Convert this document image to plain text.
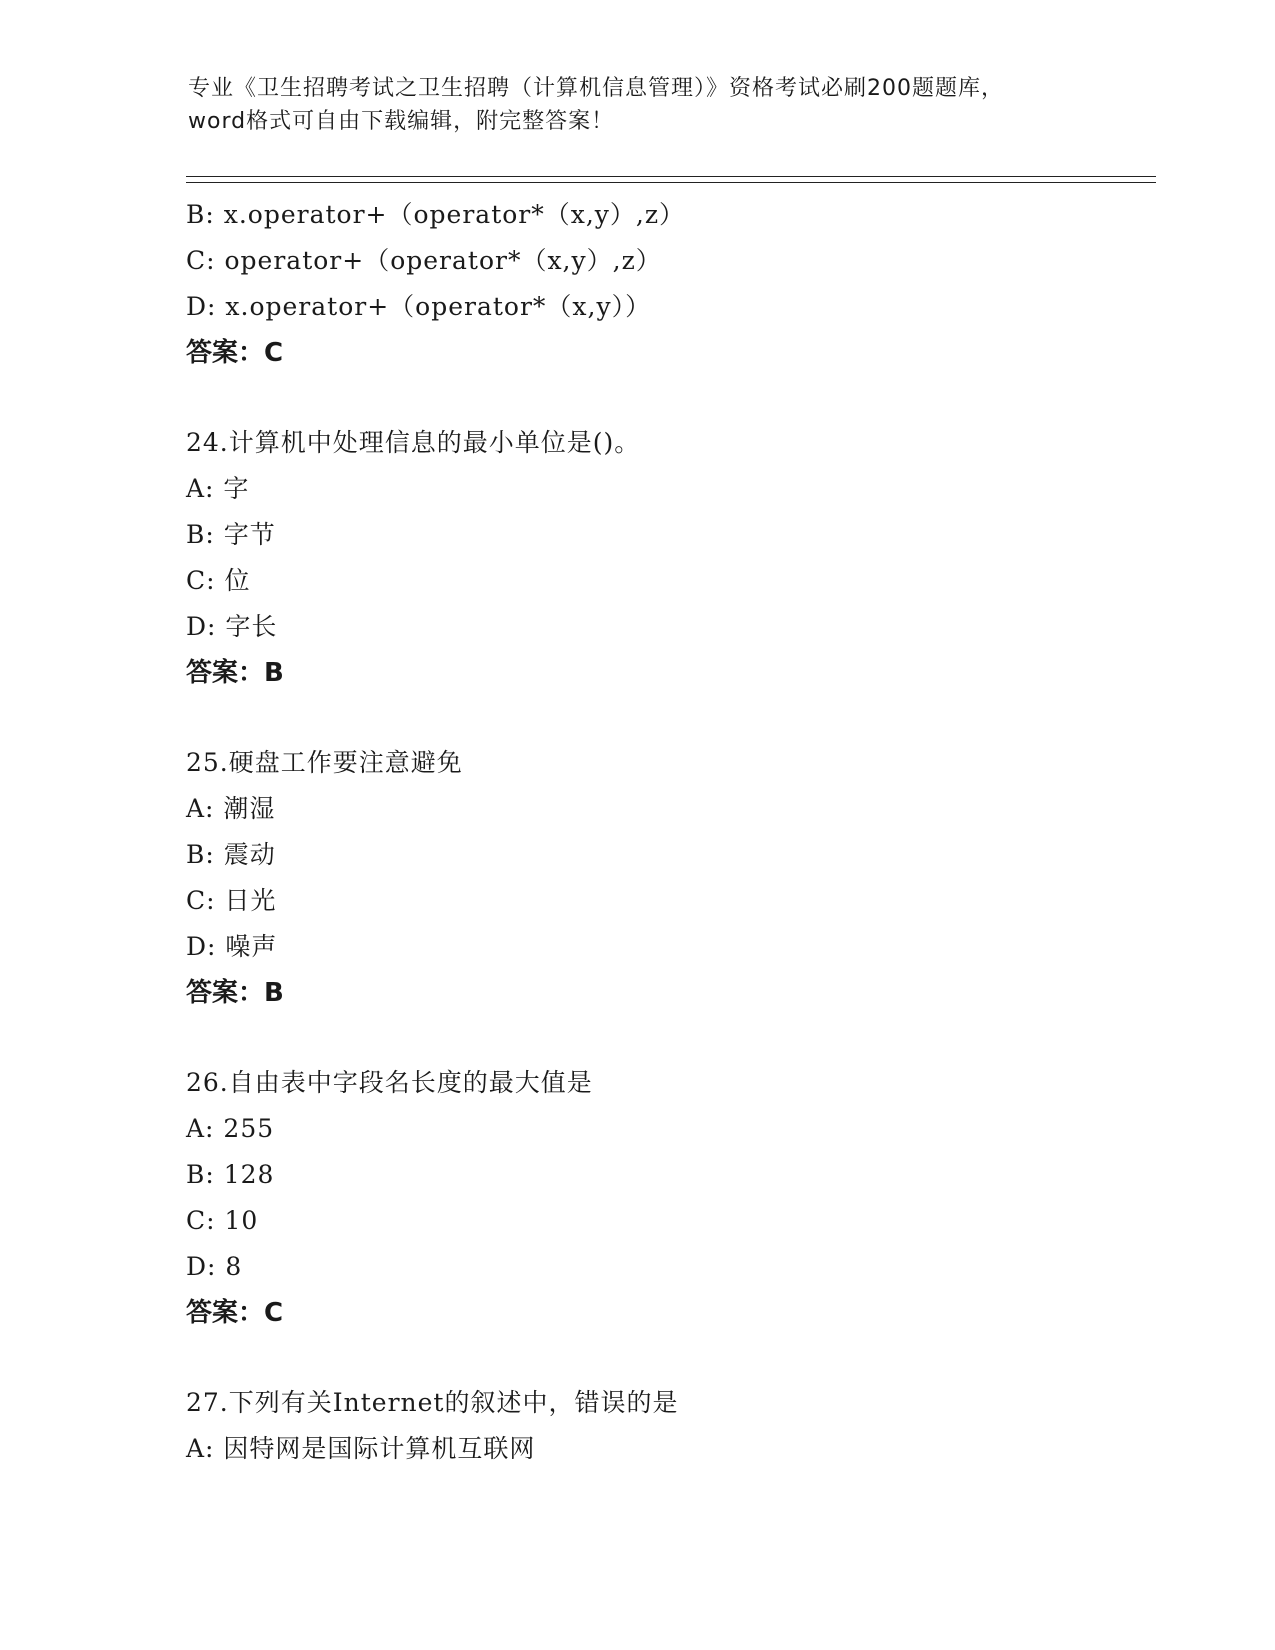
专业《卫生招聘考试之卫生招聘（计算机信息管理）》资格考试必刷200题题库，
word格式可自由下载编辑，附完整答案！
B: x.operator+（operator*（x,y）,z）
C: operator+（operator*（x,y）,z）
D: x.operator+（operator*（x,y））
答案：C
24.计算机中处理信息的最小单位是()。
A: 字
B: 字节
C: 位
D: 字长
答案：B
25.硬盘工作要注意避免
A: 潮湿
B: 震动
C: 日光
D: 噪声
答案：B
26.自由表中字段名长度的最大值是
A: 255
B: 128
C: 10
D: 8
答案：C
27.下列有关Internet的叙述中，错误的是
A: 因特网是国际计算机互联网
